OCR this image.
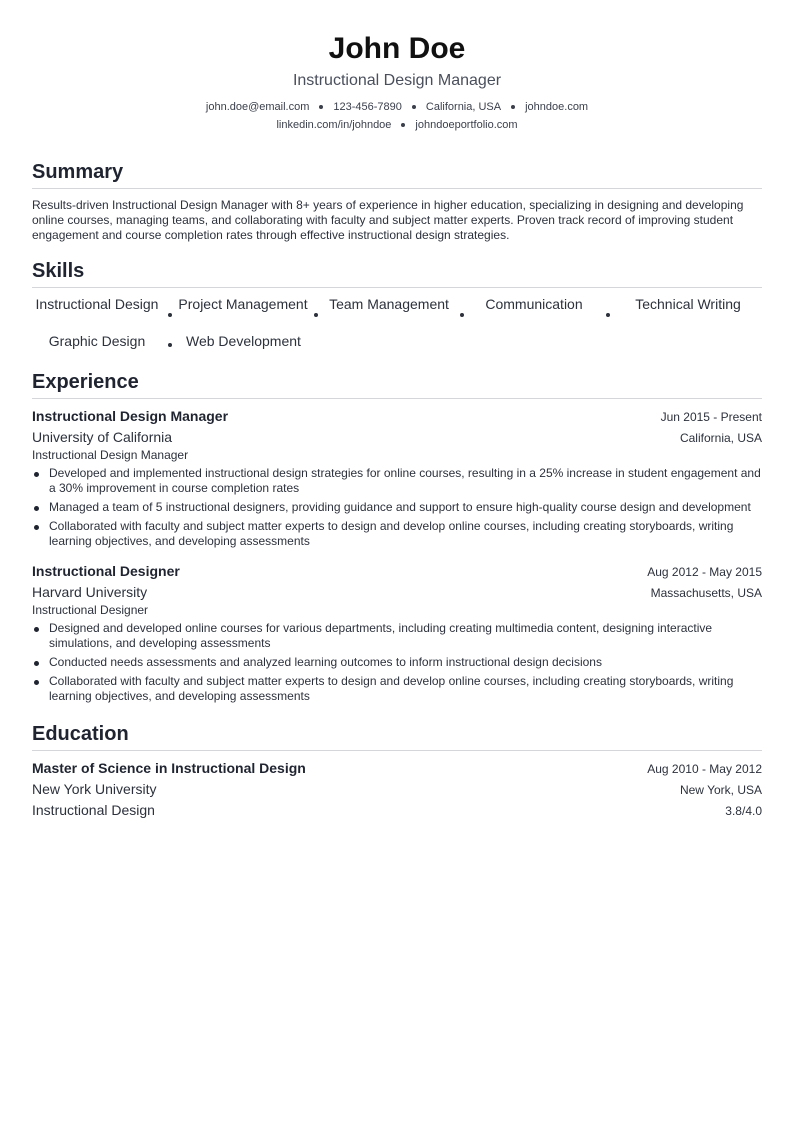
John Doe
Instructional Design Manager
john.doe@email.com 123-456-7890 California, USA johndoe.com
linkedin.com/in/johndoe johndoeportfolio.com
Summary
Results-driven Instructional Design Manager with 8+ years of experience in higher education, specializing in designing and developing online courses, managing teams, and collaborating with faculty and subject matter experts. Proven track record of improving student engagement and course completion rates through effective instructional design strategies.
Skills
Instructional Design Project Management	Team Management	Communication	Technical Writing
Graphic Design	Web Development
Experience
Instructional Design Manager	Jun 2015 - Present
University of California	California, USA
Instructional Design Manager
Developed and implemented instructional design strategies for online courses, resulting in a 25% increase in student engagement and a 30% improvement in course completion rates
Managed a team of 5 instructional designers, providing guidance and support to ensure high-quality course design and development
Collaborated with faculty and subject matter experts to design and develop online courses, including creating storyboards, writing learning objectives, and developing assessments
Instructional Designer	Aug 2012 - May 2015
Harvard University	Massachusetts, USA
Instructional Designer
Designed and developed online courses for various departments, including creating multimedia content, designing interactive simulations, and developing assessments
Conducted needs assessments and analyzed learning outcomes to inform instructional design decisions
Collaborated with faculty and subject matter experts to design and develop online courses, including creating storyboards, writing learning objectives, and developing assessments
Education
Master of Science in Instructional Design	Aug 2010 - May 2012
New York University	New York, USA
Instructional Design	3.8/4.0
